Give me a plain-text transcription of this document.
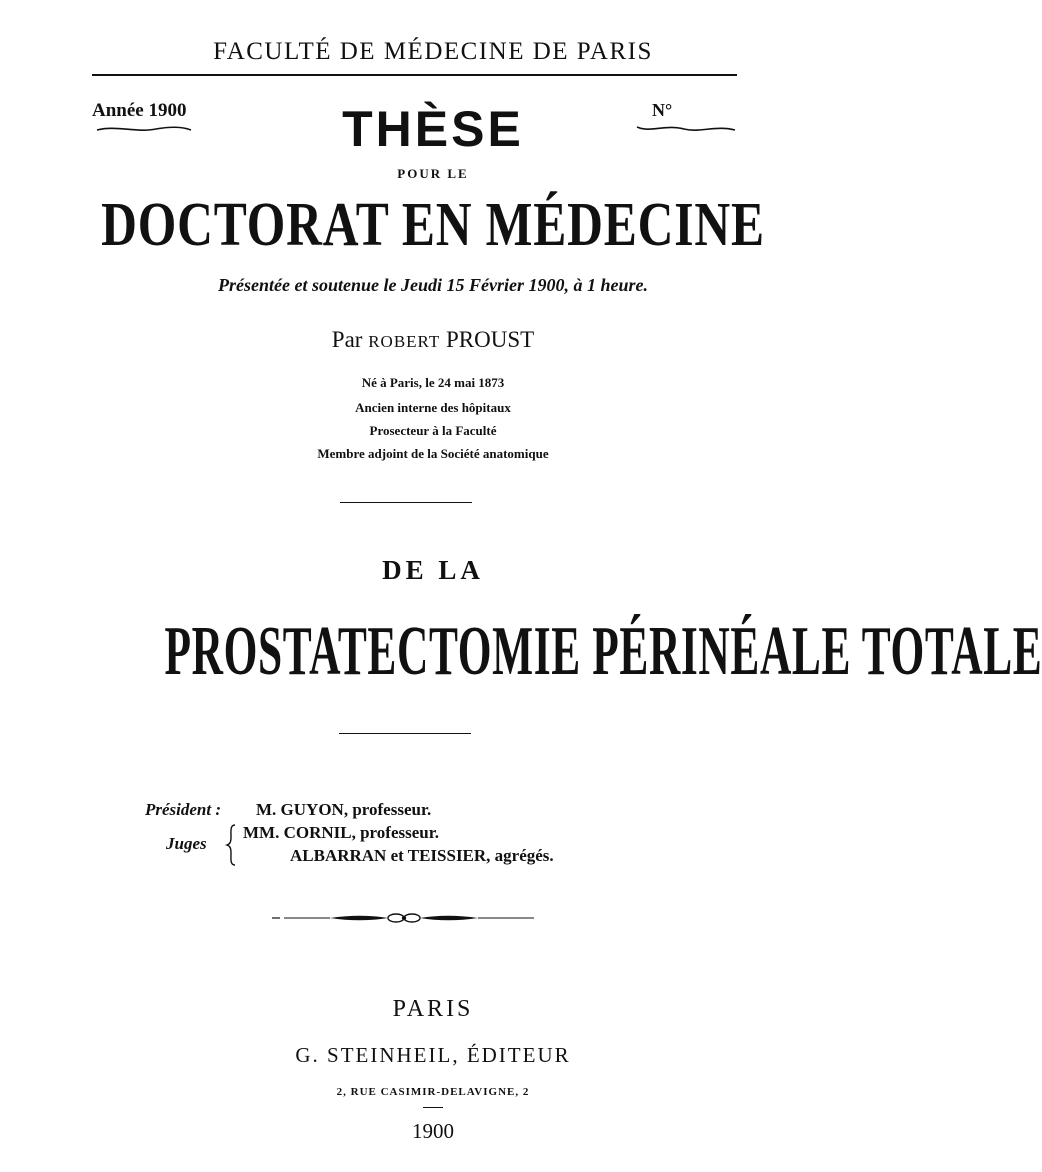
FACULTÉ DE MÉDECINE DE PARIS
Année 1900	N°
THÈSE
POUR LE
DOCTORAT EN MÉDECINE
Présentée et soutenue le Jeudi 15 Février 1900, à 1 heure.
Par ROBERT PROUST
Né à Paris, le 24 mai 1873
Ancien interne des hôpitaux
Prosecteur à la Faculté
Membre adjoint de la Société anatomique
DE LA
PROSTATECTOMIE PÉRINÉALE TOTALE
Président : M. GUYON, professeur.
Juges
MM. CORNIL, professeur.
ALBARRAN et TEISSIER, agrégés.
PARIS
G. STEINHEIL, ÉDITEUR
2, RUE CASIMIR-DELAVIGNE, 2
1900
